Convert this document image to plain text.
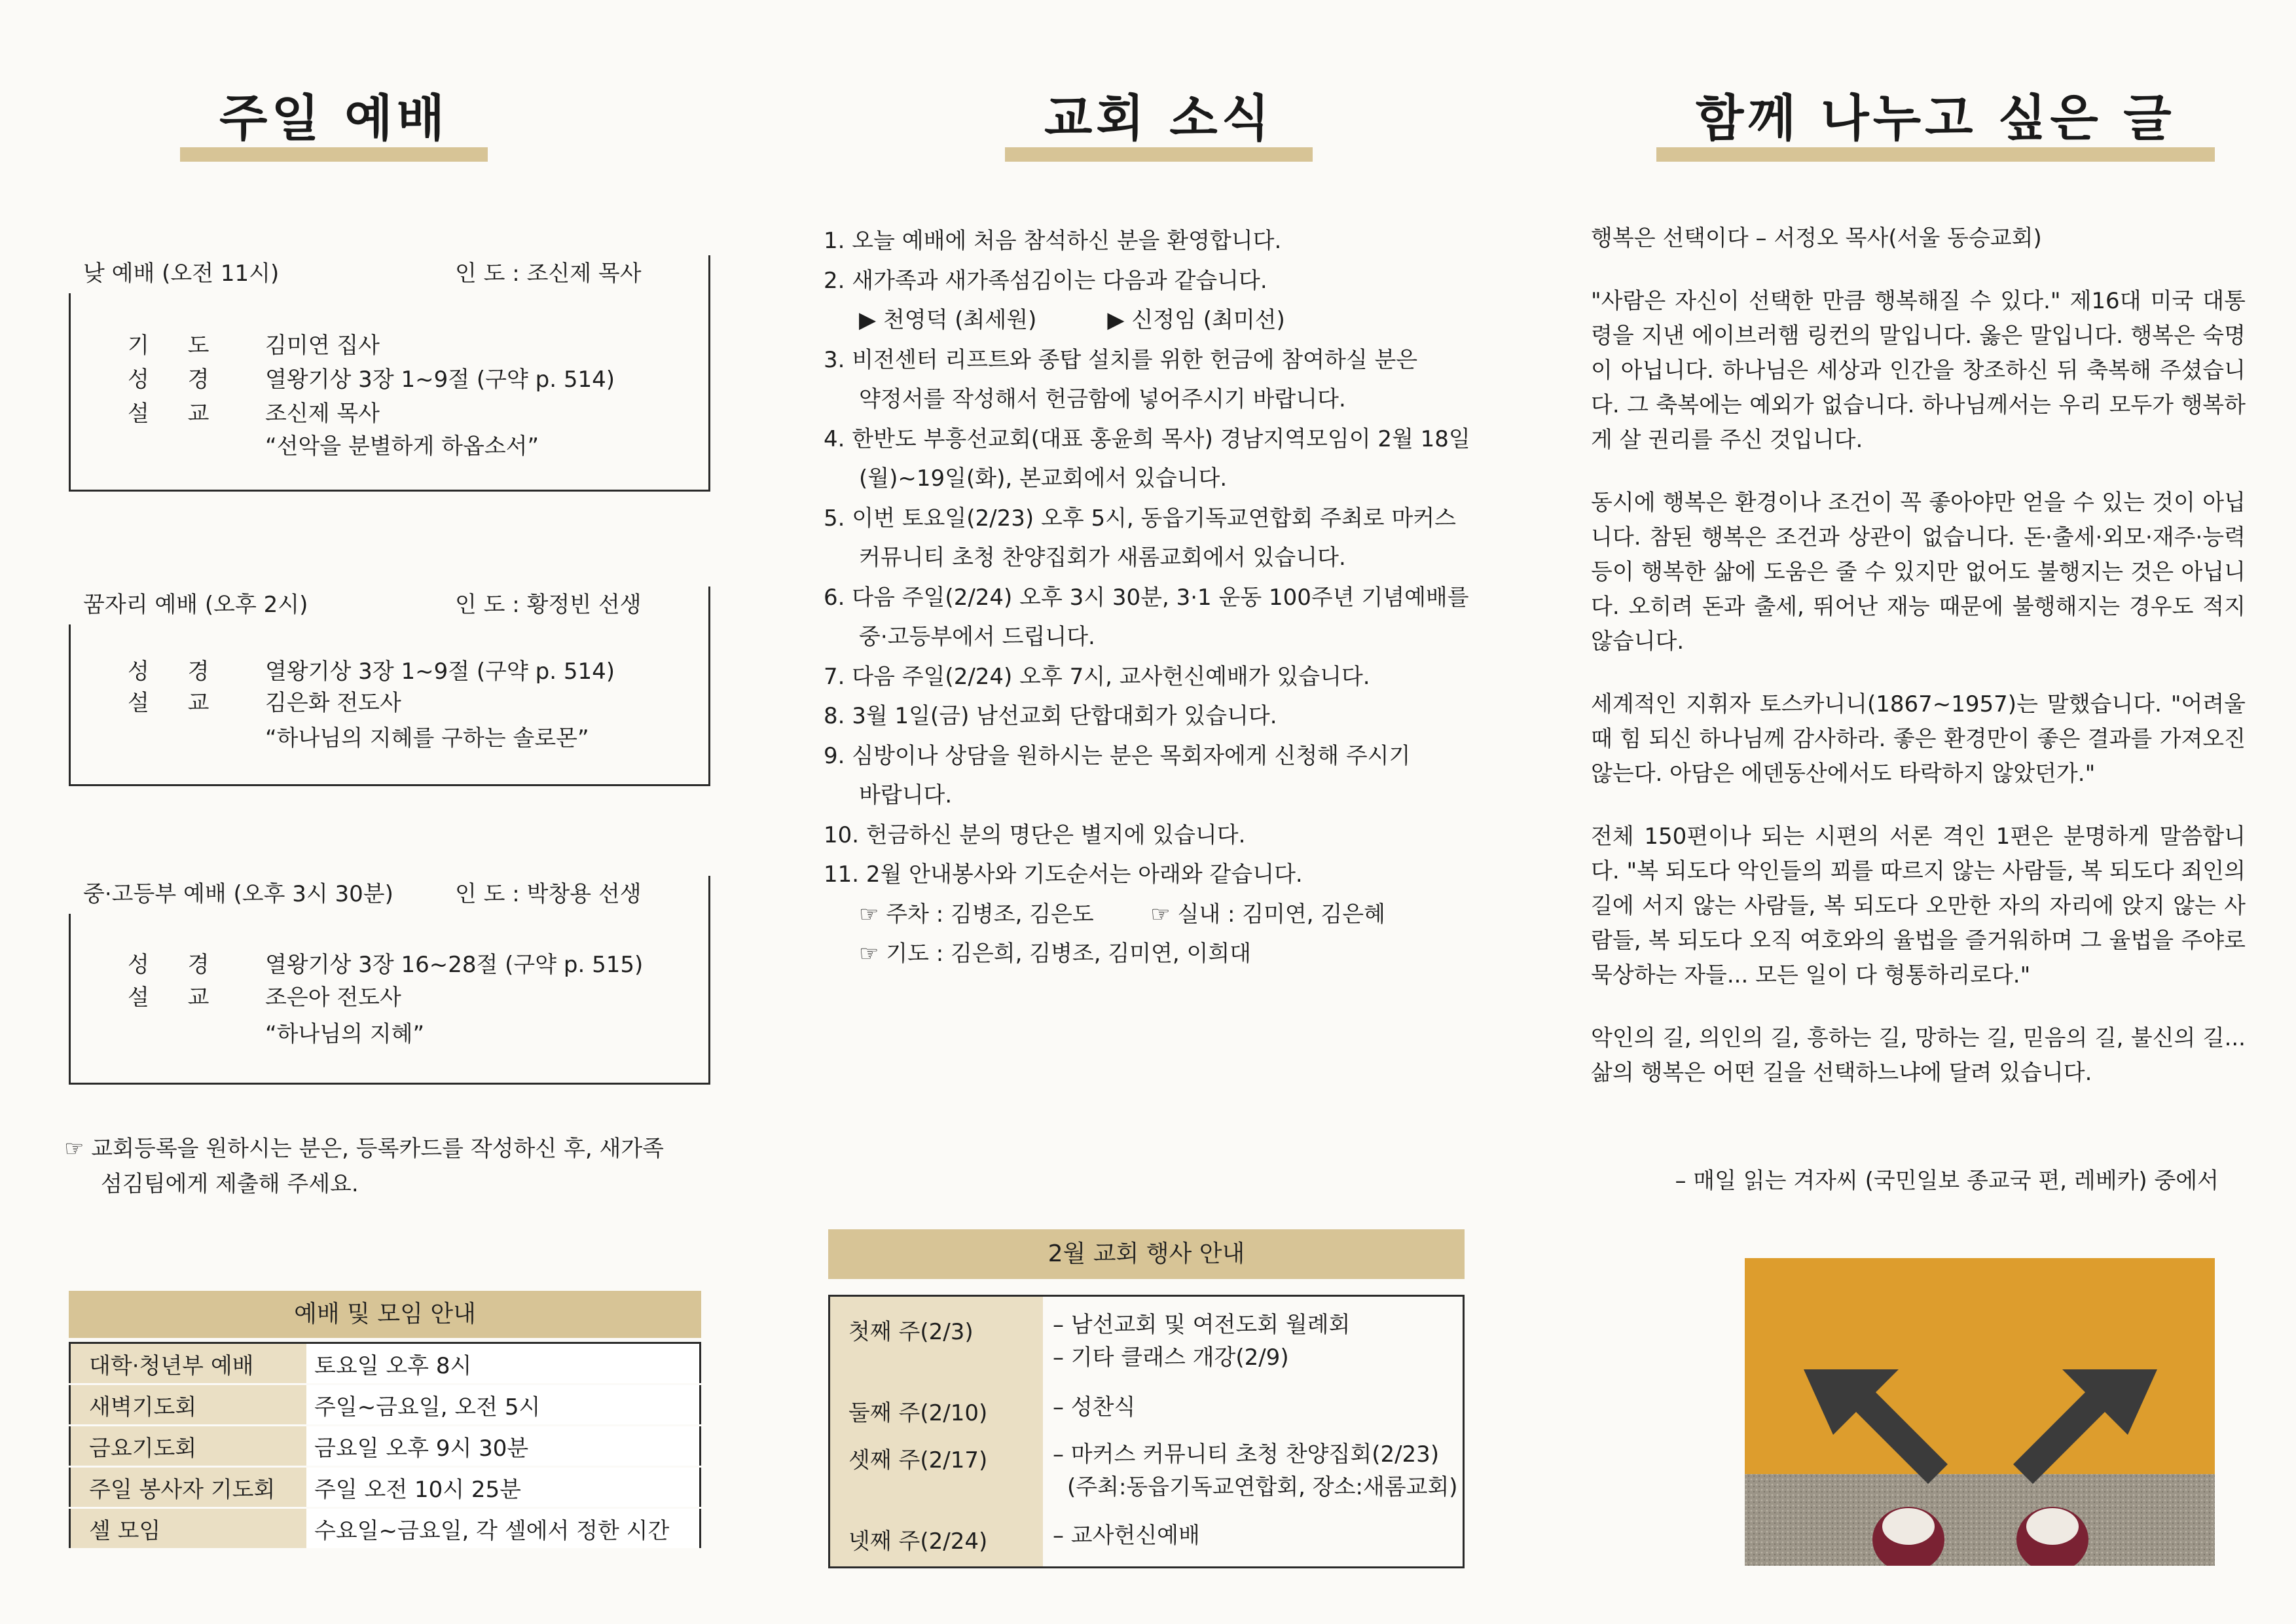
주일 예배	교회 소식	함께 나누고 싶은 글
낮 예배 (오전 11시)	인 도 : 조신제 목사
기 도 김미연 집사
성 경 열왕기상 3장 1~9절 (구약 p. 514)
설 교 조신제 목사
“선악을 분별하게 하옵소서”
꿈자리 예배 (오후 2시)	인 도 : 황정빈 선생
성 경 열왕기상 3장 1~9절 (구약 p. 514)
설 교 김은화 전도사
“하나님의 지혜를 구하는 솔로몬”
중·고등부 예배 (오후 3시 30분)	인 도 : 박창용 선생
성 경 열왕기상 3장 16~28절 (구약 p. 515)
설 교 조은아 전도사
“하나님의 지혜”
☞ 교회등록을 원하시는 분은, 등록카드를 작성하신 후, 새가족
섬김팀에게 제출해 주세요.
예배 및 모임 안내
대학·청년부 예배	토요일 오후 8시
새벽기도회	주일~금요일, 오전 5시
금요기도회	금요일 오후 9시 30분
주일 봉사자 기도회	주일 오전 10시 25분
셀 모임	수요일~금요일, 각 셀에서 정한 시간
1. 오늘 예배에 처음 참석하신 분을 환영합니다.
2. 새가족과 새가족섬김이는 다음과 같습니다.
▶ 천영덕 (최세원)          ▶ 신정임 (최미선)
3. 비전센터 리프트와 종탑 설치를 위한 헌금에 참여하실 분은
약정서를 작성해서 헌금함에 넣어주시기 바랍니다.
4. 한반도 부흥선교회(대표 홍윤희 목사) 경남지역모임이 2월 18일
(월)~19일(화), 본교회에서 있습니다.
5. 이번 토요일(2/23) 오후 5시, 동읍기독교연합회 주최로 마커스
커뮤니티 초청 찬양집회가 새롬교회에서 있습니다.
6. 다음 주일(2/24) 오후 3시 30분, 3·1 운동 100주년 기념예배를
중·고등부에서 드립니다.
7. 다음 주일(2/24) 오후 7시, 교사헌신예배가 있습니다.
8. 3월 1일(금) 남선교회 단합대회가 있습니다.
9. 심방이나 상담을 원하시는 분은 목회자에게 신청해 주시기
바랍니다.
10. 헌금하신 분의 명단은 별지에 있습니다.
11. 2월 안내봉사와 기도순서는 아래와 같습니다.
☞ 주차 : 김병조, 김은도        ☞ 실내 : 김미연, 김은혜
☞ 기도 : 김은희, 김병조, 김미연, 이희대
2월 교회 행사 안내
첫째 주(2/3)	– 남선교회 및 여전도회 월례회
– 기타 클래스 개강(2/9)
둘째 주(2/10)	– 성찬식
셋째 주(2/17)	– 마커스 커뮤니티 초청 찬양집회(2/23)
(주최:동읍기독교연합회, 장소:새롬교회)
넷째 주(2/24)	– 교사헌신예배

행복은 선택이다 – 서정오 목사(서울 동승교회)

"사람은 자신이 선택한 만큼 행복해질 수 있다." 제16대 미국 대통령을 지낸 에이브러햄 링컨의 말입니다. 옳은 말입니다. 행복은 숙명이 아닙니다. 하나님은 세상과 인간을 창조하신 뒤 축복해 주셨습니다. 그 축복에는 예외가 없습니다. 하나님께서는 우리 모두가 행복하게 살 권리를 주신 것입니다.

동시에 행복은 환경이나 조건이 꼭 좋아야만 얻을 수 있는 것이 아닙니다. 참된 행복은 조건과 상관이 없습니다. 돈·출세·외모·재주·능력 등이 행복한 삶에 도움은 줄 수 있지만 없어도 불행지는 것은 아닙니다. 오히려 돈과 출세, 뛰어난 재능 때문에 불행해지는 경우도 적지 않습니다.

세계적인 지휘자 토스카니니(1867~1957)는 말했습니다. "어려울 때 힘 되신 하나님께 감사하라. 좋은 환경만이 좋은 결과를 가져오진 않는다. 아담은 에덴동산에서도 타락하지 않았던가."

전체 150편이나 되는 시편의 서론 격인 1편은 분명하게 말씀합니다. "복 되도다 악인들의 꾀를 따르지 않는 사람들, 복 되도다 죄인의 길에 서지 않는 사람들, 복 되도다 오만한 자의 자리에 앉지 않는 사람들, 복 되도다 오직 여호와의 율법을 즐거워하며 그 율법을 주야로 묵상하는 자들... 모든 일이 다 형통하리로다."

악인의 길, 의인의 길, 흥하는 길, 망하는 길, 믿음의 길, 불신의 길... 삶의 행복은 어떤 길을 선택하느냐에 달려 있습니다.

– 매일 읽는 겨자씨 (국민일보 종교국 편, 레베카) 중에서
